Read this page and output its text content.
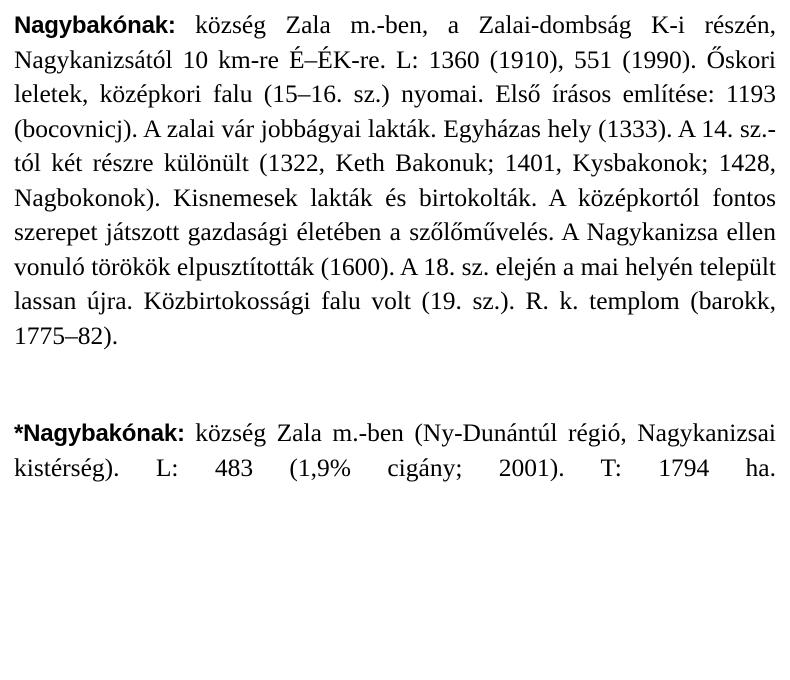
Nagybakónak: község Zala m.-ben, a Zalai-dombság K-i részén, Nagykanizsától 10 km-re É–ÉK-re. L: 1360 (1910), 551 (1990). Őskori leletek, középkori falu (15–16. sz.) nyomai. Első írásos említése: 1193 (bocovnicj). A zalai vár jobbágyai lakták. Egyházas hely (1333). A 14. sz.-tól két részre különült (1322, Keth Bakonuk; 1401, Kysbakonok; 1428, Nagbokonok). Kisnemesek lakták és birtokolták. A középkortól fontos szerepet játszott gazdasági életében a szőlőművelés. A Nagykanizsa ellen vonuló törökök elpusztították (1600). A 18. sz. elején a mai helyén települt lassan újra. Közbirtokossági falu volt (19. sz.). R. k. templom (barokk, 1775–82).

*Nagybakónak: község Zala m.-ben (Ny-Dunántúl régió, Nagykanizsai kistérség). L: 483 (1,9% cigány; 2001). T: 1794 ha.
